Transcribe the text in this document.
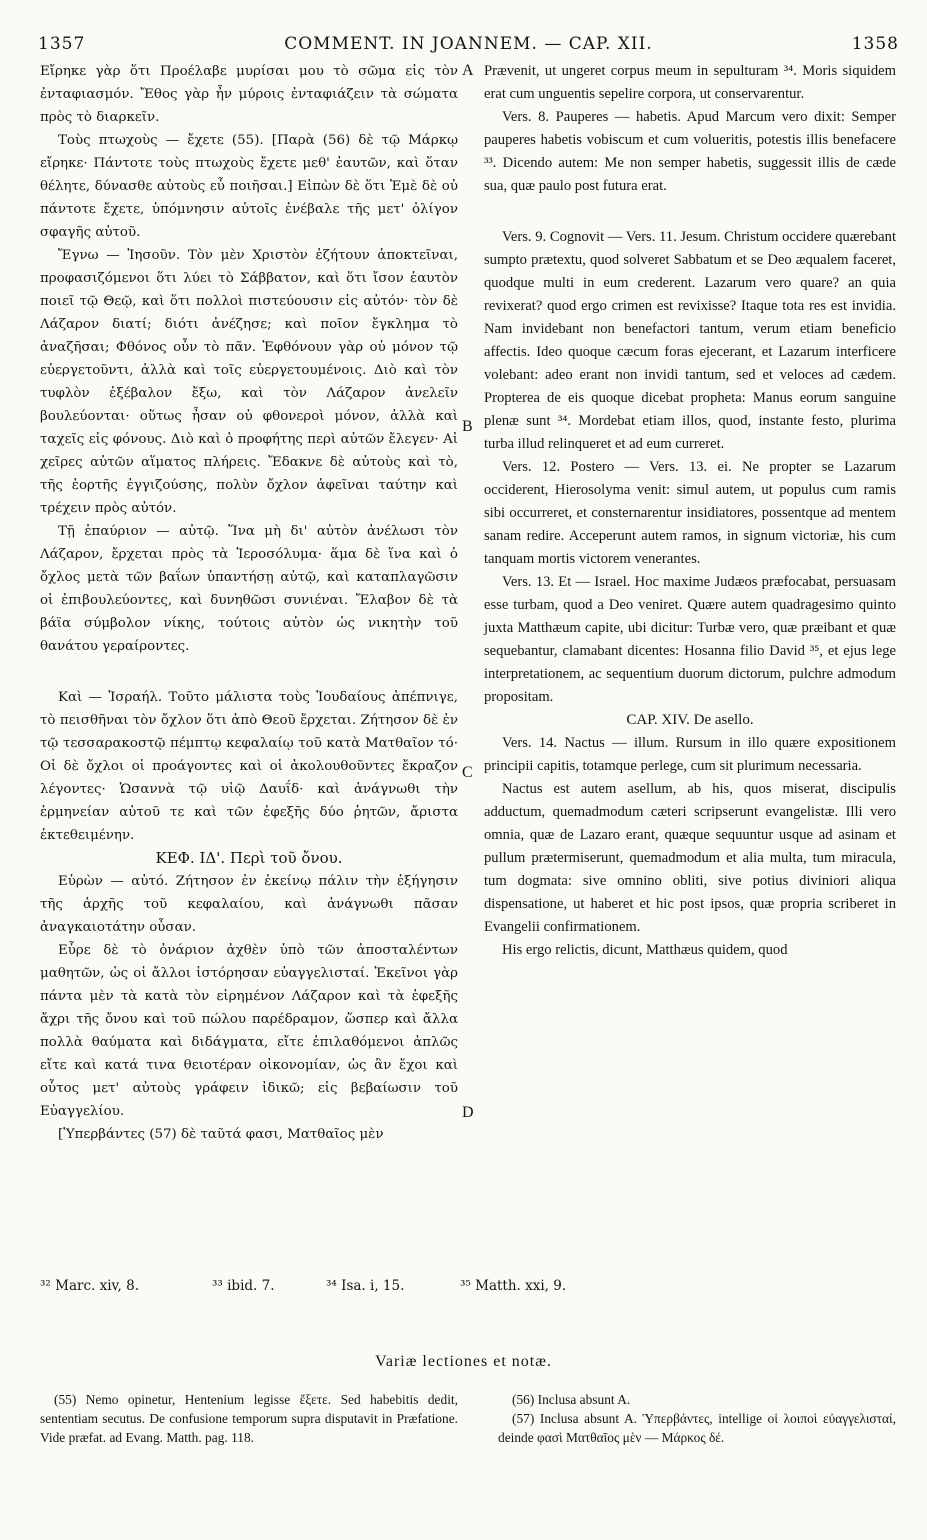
1357	COMMENT. IN JOANNEM. — CAP. XII.	1358
A
B
C
D

Εἴρηκε γὰρ ὅτι Προέλαβε μυρίσαι μου τὸ σῶμα εἰς τὸν ἐνταφιασμόν. Ἔθος γὰρ ἦν μύροις ἐνταφιάζειν τὰ σώματα πρὸς τὸ διαρκεῖν.

Τοὺς πτωχοὺς — ἔχετε (55). [Παρὰ (56) δὲ τῷ Μάρκῳ εἴρηκε· Πάντοτε τοὺς πτωχοὺς ἔχετε μεθ' ἑαυτῶν, καὶ ὅταν θέλητε, δύνασθε αὐτοὺς εὖ ποιῆσαι.] Εἰπὼν δὲ ὅτι Ἐμὲ δὲ οὐ πάντοτε ἔχετε, ὑπόμνησιν αὐτοῖς ἐνέβαλε τῆς μετ' ὀλίγον σφαγῆς αὐτοῦ.

Ἔγνω — Ἰησοῦν. Τὸν μὲν Χριστὸν ἐζήτουν ἀποκτεῖναι, προφασιζόμενοι ὅτι λύει τὸ Σάββατον, καὶ ὅτι ἴσον ἑαυτὸν ποιεῖ τῷ Θεῷ, καὶ ὅτι πολλοὶ πιστεύουσιν εἰς αὐτόν· τὸν δὲ Λάζαρον διατί; διότι ἀνέζησε; καὶ ποῖον ἔγκλημα τὸ ἀναζῆσαι; Φθόνος οὖν τὸ πᾶν. Ἐφθόνουν γὰρ οὐ μόνον τῷ εὐεργετοῦντι, ἀλλὰ καὶ τοῖς εὐεργετουμένοις. Διὸ καὶ τὸν τυφλὸν ἐξέβαλον ἔξω, καὶ τὸν Λάζαρον ἀνελεῖν βουλεύονται· οὕτως ἦσαν οὐ φθονεροὶ μόνον, ἀλλὰ καὶ ταχεῖς εἰς φόνους. Διὸ καὶ ὁ προφήτης περὶ αὐτῶν ἔλεγεν· Αἱ χεῖρες αὐτῶν αἵματος πλήρεις. Ἔδακνε δὲ αὐτοὺς καὶ τὸ, τῆς ἑορτῆς ἐγγιζούσης, πολὺν ὄχλον ἀφεῖναι ταύτην καὶ τρέχειν πρὸς αὐτόν.

Τῇ ἐπαύριον — αὐτῷ. Ἵνα μὴ δι' αὐτὸν ἀνέλωσι τὸν Λάζαρον, ἔρχεται πρὸς τὰ Ἱεροσόλυμα· ἅμα δὲ ἵνα καὶ ὁ ὄχλος μετὰ τῶν βαΐων ὑπαντήσῃ αὐτῷ, καὶ καταπλαγῶσιν οἱ ἐπιβουλεύοντες, καὶ δυνηθῶσι συνιέναι. Ἔλαβον δὲ τὰ βάϊα σύμβολον νίκης, τούτοις αὐτὸν ὡς νικητὴν τοῦ θανάτου γεραίροντες.

Καὶ — Ἰσραήλ. Τοῦτο μάλιστα τοὺς Ἰουδαίους ἀπέπνιγε, τὸ πεισθῆναι τὸν ὄχλον ὅτι ἀπὸ Θεοῦ ἔρχεται. Ζήτησον δὲ ἐν τῷ τεσσαρακοστῷ πέμπτῳ κεφαλαίῳ τοῦ κατὰ Ματθαῖον τό· Οἱ δὲ ὄχλοι οἱ προάγοντες καὶ οἱ ἀκολουθοῦντες ἔκραζον λέγοντες· Ὡσαννὰ τῷ υἱῷ Δαυΐδ· καὶ ἀνάγνωθι τὴν ἑρμηνείαν αὐτοῦ τε καὶ τῶν ἐφεξῆς δύο ῥητῶν, ἄριστα ἐκτεθειμένην.

ΚΕΦ. ΙΔ'. Περὶ τοῦ ὄνου.

Εὑρὼν — αὐτό. Ζήτησον ἐν ἐκείνῳ πάλιν τὴν ἐξήγησιν τῆς ἀρχῆς τοῦ κεφαλαίου, καὶ ἀνάγνωθι πᾶσαν ἀναγκαιοτάτην οὖσαν.

Εὗρε δὲ τὸ ὀνάριον ἀχθὲν ὑπὸ τῶν ἀποσταλέντων μαθητῶν, ὡς οἱ ἄλλοι ἱστόρησαν εὐαγγελισταί. Ἐκεῖνοι γὰρ πάντα μὲν τὰ κατὰ τὸν εἰρημένον Λάζαρον καὶ τὰ ἐφεξῆς ἄχρι τῆς ὄνου καὶ τοῦ πώλου παρέδραμον, ὥσπερ καὶ ἄλλα πολλὰ θαύματα καὶ διδάγματα, εἴτε ἐπιλαθόμενοι ἁπλῶς εἴτε καὶ κατά τινα θειοτέραν οἰκονομίαν, ὡς ἂν ἔχοι καὶ οὗτος μετ' αὐτοὺς γράφειν ἰδικῶ; εἰς βεβαίωσιν τοῦ Εὐαγγελίου.

[Ὑπερβάντες (57) δὲ ταῦτά φασι, Ματθαῖος μὲν

Prævenit, ut ungeret corpus meum in sepulturam ³⁴. Moris siquidem erat cum unguentis sepelire corpora, ut conservarentur.

Vers. 8. Pauperes — habetis. Apud Marcum vero dixit: Semper pauperes habetis vobiscum et cum volueritis, potestis illis benefacere ³³. Dicendo autem: Me non semper habetis, suggessit illis de cæde sua, quæ paulo post futura erat.

Vers. 9. Cognovit — Vers. 11. Jesum. Christum occidere quærebant sumpto prætextu, quod solveret Sabbatum et se Deo æqualem faceret, quodque multi in eum crederent. Lazarum vero quare? an quia revixerat? quod ergo crimen est revixisse? Itaque tota res est invidia. Nam invidebant non benefactori tantum, verum etiam beneficio affectis. Ideo quoque cæcum foras ejecerant, et Lazarum interficere volebant: adeo erant non invidi tantum, sed et veloces ad cædem. Propterea de eis quoque dicebat propheta: Manus eorum sanguine plenæ sunt ³⁴. Mordebat etiam illos, quod, instante festo, plurima turba illud relinqueret et ad eum curreret.

Vers. 12. Postero — Vers. 13. ei. Ne propter se Lazarum occiderent, Hierosolyma venit: simul autem, ut populus cum ramis sibi occurreret, et consternarentur insidiatores, possentque ad mentem sanam redire. Acceperunt autem ramos, in signum victoriæ, his cum tanquam mortis victorem venerantes.

Vers. 13. Et — Israel. Hoc maxime Judæos præfocabat, persuasam esse turbam, quod a Deo veniret. Quære autem quadragesimo quinto juxta Matthæum capite, ubi dicitur: Turbæ vero, quæ præibant et quæ sequebantur, clamabant dicentes: Hosanna filio David ³⁵, et ejus lege interpretationem, ac sequentium duorum dictorum, pulchre admodum propositam.

CAP. XIV. De asello.

Vers. 14. Nactus — illum. Rursum in illo quære expositionem principii capitis, totamque perlege, cum sit plurimum necessaria.

Nactus est autem asellum, ab his, quos miserat, discipulis adductum, quemadmodum cæteri scripserunt evangelistæ. Illi vero omnia, quæ de Lazaro erant, quæque sequuntur usque ad asinam et pullum prætermiserunt, quemadmodum et alia multa, tum miracula, tum dogmata: sive omnino obliti, sive potius diviniori aliqua dispensatione, ut haberet et hic post ipsos, quæ propria scriberet in Evangelii confirmationem.

His ergo relictis, dicunt, Matthæus quidem, quod

³² Marc. xiv, 8.	³³ ibid. 7.	³⁴ Isa. i, 15.	³⁵ Matth. xxi, 9.
Variæ lectiones et notæ.

(55) Nemo opinetur, Hentenium legisse ἕξετε. Sed habebitis dedit, sententiam secutus. De confusione temporum supra disputavit in Præfatione. Vide præfat. ad Evang. Matth. pag. 118.

(56) Inclusa absunt A.

(57) Inclusa absunt A. Ὑπερβάντες, intellige οἱ λοιποὶ εὐαγγελισταί, deinde φασὶ Ματθαῖος μὲν — Μάρκος δέ.
